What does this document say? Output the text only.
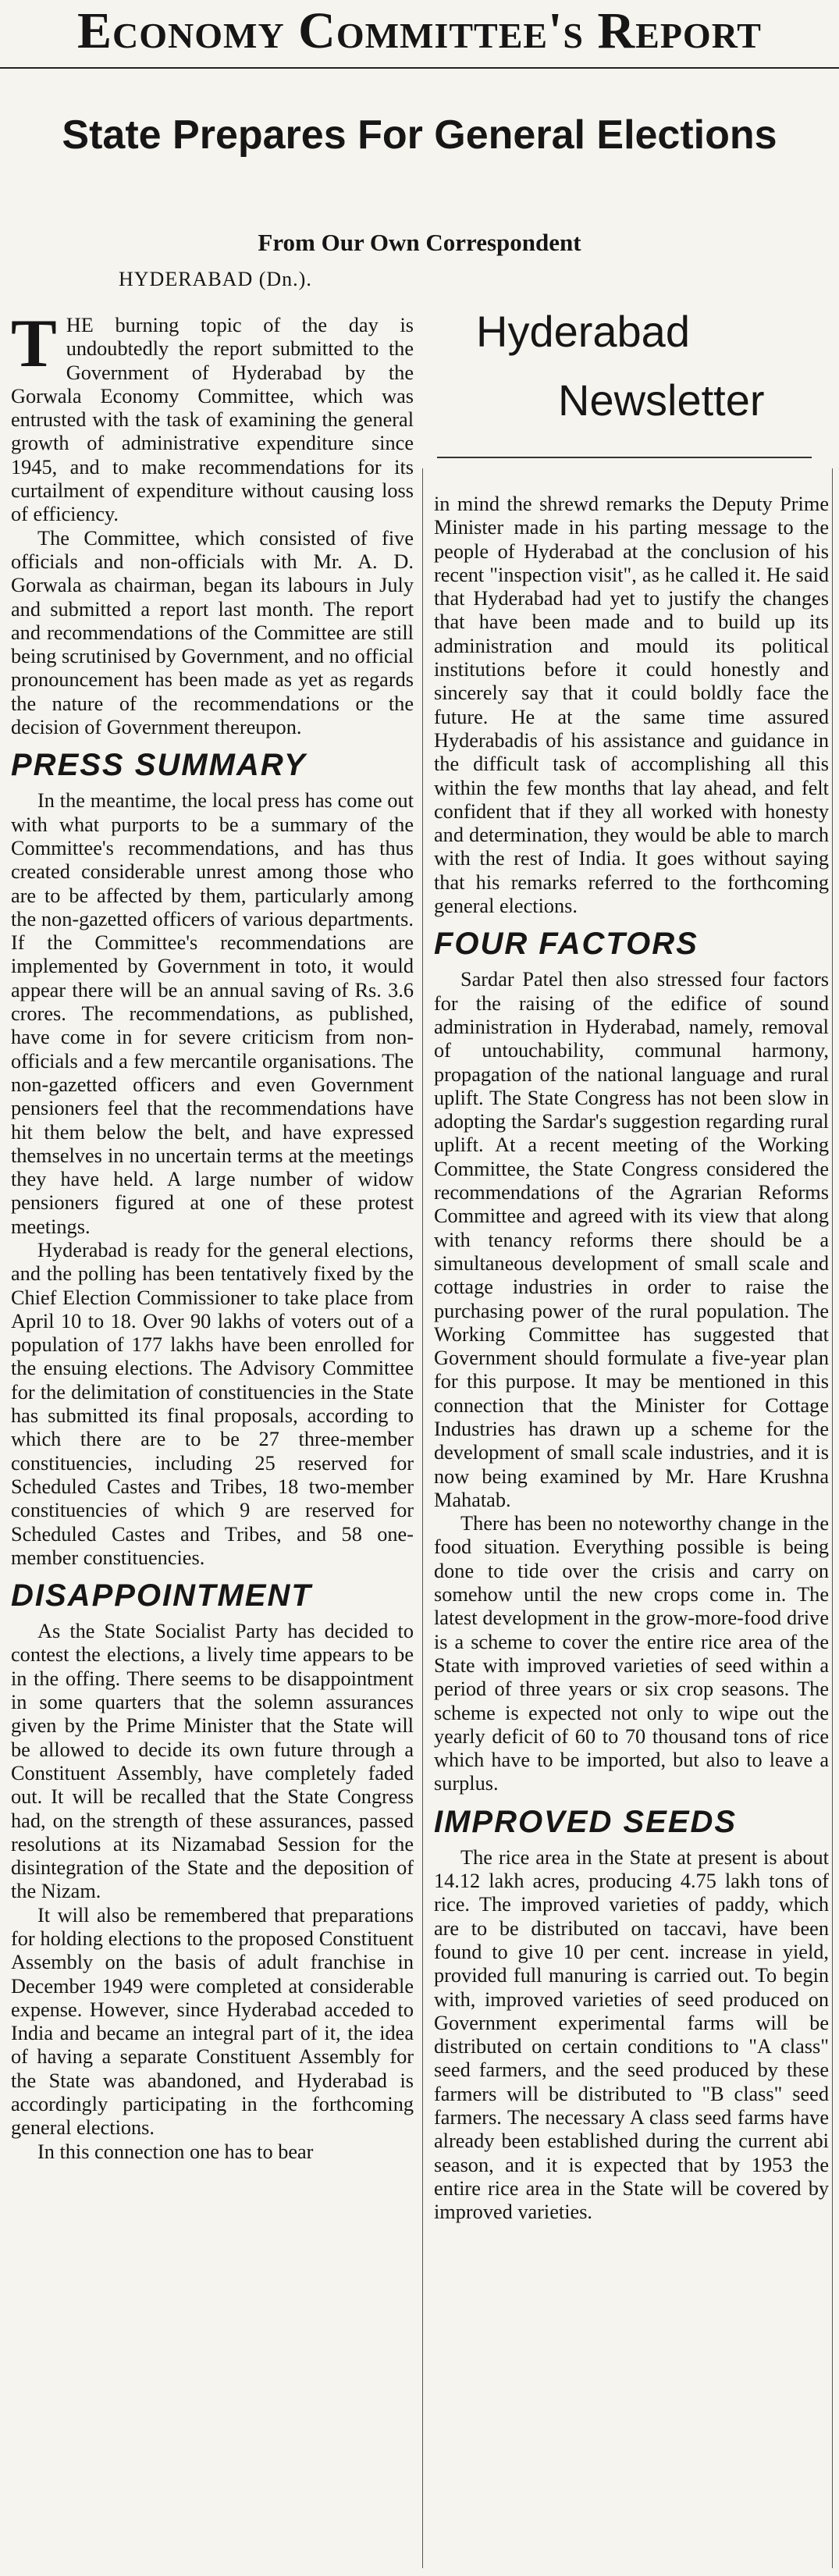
Economy Committee's Report
State Prepares For General Elections
From Our Own Correspondent
HYDERABAD (Dn.).
Hyderabad
Newsletter

THE burning topic of the day is undoubtedly the report submitted to the Government of Hyderabad by the Gorwala Economy Committee, which was entrusted with the task of examining the general growth of administrative expenditure since 1945, and to make recommendations for its curtailment of expenditure without causing loss of efficiency.

The Committee, which consisted of five officials and non-officials with Mr. A. D. Gorwala as chairman, began its labours in July and submitted a report last month. The report and recommendations of the Committee are still being scrutinised by Government, and no official pronouncement has been made as yet as regards the nature of the recommendations or the decision of Government thereupon.

PRESS SUMMARY

In the meantime, the local press has come out with what purports to be a summary of the Committee's recommendations, and has thus created considerable unrest among those who are to be affected by them, particularly among the non-gazetted officers of various departments. If the Committee's recommendations are implemented by Government in toto, it would appear there will be an annual saving of Rs. 3.6 crores. The recommendations, as published, have come in for severe criticism from non-officials and a few mercantile organisations. The non-gazetted officers and even Government pensioners feel that the recommendations have hit them below the belt, and have expressed themselves in no uncertain terms at the meetings they have held. A large number of widow pensioners figured at one of these protest meetings.

Hyderabad is ready for the general elections, and the polling has been tentatively fixed by the Chief Election Commissioner to take place from April 10 to 18. Over 90 lakhs of voters out of a population of 177 lakhs have been enrolled for the ensuing elections. The Advisory Committee for the delimitation of constituencies in the State has submitted its final proposals, according to which there are to be 27 three-member constituencies, including 25 reserved for Scheduled Castes and Tribes, 18 two-member constituencies of which 9 are reserved for Scheduled Castes and Tribes, and 58 one-member constituencies.

DISAPPOINTMENT

As the State Socialist Party has decided to contest the elections, a lively time appears to be in the offing. There seems to be disappointment in some quarters that the solemn assurances given by the Prime Minister that the State will be allowed to decide its own future through a Constituent Assembly, have completely faded out. It will be recalled that the State Congress had, on the strength of these assurances, passed resolutions at its Nizamabad Session for the disintegration of the State and the deposition of the Nizam.

It will also be remembered that preparations for holding elections to the proposed Constituent Assembly on the basis of adult franchise in December 1949 were completed at considerable expense. However, since Hyderabad acceded to India and became an integral part of it, the idea of having a separate Constituent Assembly for the State was abandoned, and Hyderabad is accordingly participating in the forthcoming general elections.

In this connection one has to bear

in mind the shrewd remarks the Deputy Prime Minister made in his parting message to the people of Hyderabad at the conclusion of his recent "inspection visit", as he called it. He said that Hyderabad had yet to justify the changes that have been made and to build up its administration and mould its political institutions before it could honestly and sincerely say that it could boldly face the future. He at the same time assured Hyderabadis of his assistance and guidance in the difficult task of accomplishing all this within the few months that lay ahead, and felt confident that if they all worked with honesty and determination, they would be able to march with the rest of India. It goes without saying that his remarks referred to the forthcoming general elections.

FOUR FACTORS

Sardar Patel then also stressed four factors for the raising of the edifice of sound administration in Hyderabad, namely, removal of untouchability, communal harmony, propagation of the national language and rural uplift. The State Congress has not been slow in adopting the Sardar's suggestion regarding rural uplift. At a recent meeting of the Working Committee, the State Congress considered the recommendations of the Agrarian Reforms Committee and agreed with its view that along with tenancy reforms there should be a simultaneous development of small scale and cottage industries in order to raise the purchasing power of the rural population. The Working Committee has suggested that Government should formulate a five-year plan for this purpose. It may be mentioned in this connection that the Minister for Cottage Industries has drawn up a scheme for the development of small scale industries, and it is now being examined by Mr. Hare Krushna Mahatab.

There has been no noteworthy change in the food situation. Everything possible is being done to tide over the crisis and carry on somehow until the new crops come in. The latest development in the grow-more-food drive is a scheme to cover the entire rice area of the State with improved varieties of seed within a period of three years or six crop seasons. The scheme is expected not only to wipe out the yearly deficit of 60 to 70 thousand tons of rice which have to be imported, but also to leave a surplus.

IMPROVED SEEDS

The rice area in the State at present is about 14.12 lakh acres, producing 4.75 lakh tons of rice. The improved varieties of paddy, which are to be distributed on taccavi, have been found to give 10 per cent. increase in yield, provided full manuring is carried out. To begin with, improved varieties of seed produced on Government experimental farms will be distributed on certain conditions to "A class" seed farmers, and the seed produced by these farmers will be distributed to "B class" seed farmers. The necessary A class seed farms have already been established during the current abi season, and it is expected that by 1953 the entire rice area in the State will be covered by improved varieties.
